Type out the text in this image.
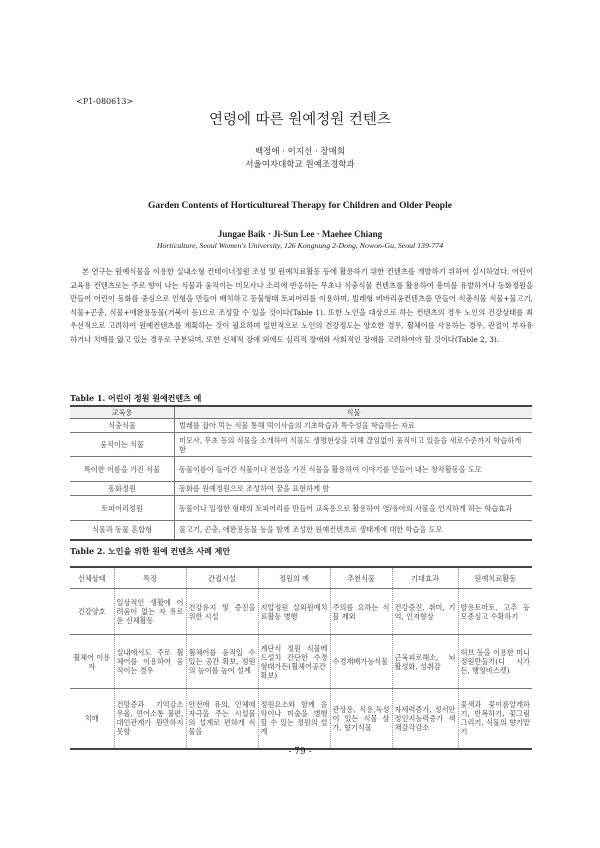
<P1-080613>
연령에 따른 원예정원 컨텐츠
백정애 · 이지선 · 장매희
서울여자대학교 원예조경학과
Garden Contents of Horticultureal Therapy for Children and Older People
Jungae Baik · Ji-Sun Lee · Maehee Chiang
Horticulture, Seoul Women's University, 126 Kongnung 2-Dong, Nowon-Gu, Seoul 139-774

본 연구는 원예식물을 이용한 실내소형 컨테이너정원 조성 및 원예치료활동 등에 활용하기 위한 컨텐츠를 개발하기 위하여 실시하였다. 어린이 교육용 컨텐츠로는 주로 향이 나는 식물과 움직이는 미모사나 소리에 반응하는 무초나 식충식물 컨텐츠를 활용하여 흥미를 유발하거나 동화정원을 만들어 어린이 동화를 중심으로 인형을 만들어 배치하고 동물형태 토피어리를 이용하며, 빌레형 비바리움컨텐츠를 만들어 식충식물 식물+물고기, 식물+곤충, 식물+애완용동물(거북이 등)으로 조성할 수 있을 것이다(Table 1). 또한 노인을 대상으로 하는 컨텐츠의 경우 노인의 건강상태를 최우선적으로 고려하여 원예컨텐츠를 계획하는 것이 필요하며 일반적으로 노인의 건강정도는 양호한 경우, 휠체어를 사용하는 경우, 관절이 부자유 하거나 치매를 앓고 있는 경우로 구분되며, 또한 신체적 장애 외에도 심리적 장애와 사회적인 장애를 고려하여야 할 것이다(Table 2, 3).

Table 1. 어린이 정원 원예컨텐츠 예
교육용	식물
식충식물	벌레를 잡아 먹는 식물 통해 먹이사슬의 기초학습과 특수성을 학습하는 자료
움직이는 식물	미모사, 무초 등의 식물을 소개하여 식물도 생명현상을 위해 끊임없이 움직이고 있음을 새로수준까지 학습하게 함
특이한 이름을 가진 식물	동물이름이 들어간 식물이나 전설을 가진 식물을 활용하여 이야기를 만들어 내는 창작활동을 도모
동화정원	동화를 원예정원으로 조성하여 꿈을 표현하게 함
토피어리정원	동물이나 일정한 형태의 토피어리를 만들어 교육용으로 활용하여 영/유아의 사물을 인지하게 하는 학습효과
식물과 동물 혼합형	물고기, 곤충, 애완용동물 등을 함께 조성한 원예컨텐츠로 생태계에 대한 학습을 도모
Table 2. 노인을 위한 원예 컨텐츠 사례 제안
신체상태	특징	간접시설	정원의 예	추천식물	기대효과	원예치료활동
건강양호	일상적인 생활에 어려움이 없는 자 유로운 신체활동	건강유지 및 증진을 위한 시설	지압정원 실외원예치료활동 병행	주의를 요하는 식물 제외	건강증진, 취미, 기억, 인지향상	발용토마토, 고추 등 모종심고 수확하기
휠체어 이용자	실내에서도 주로 휠체어를 이용하여 움직이는 경우	휠체어를 움직일 수 있는 공간 확보, 정원의 높이를 높여 설계	계단식 정원 식물베드설치 간단한 수경 형태가든(휠체어공간확보)	수경재배가능식물	근육피로해소, 뇌 활성화, 성취감	허브 등을 이용한 미니정원만들기(디 시가든, 행잉바스켓)
치매	건망증과 기억감소 우울, 언어소통 불편, 대인관계가 원만하지 못함	안전에 유의, 인체에 자극을 주는 시설물의 설계로 편하게 식물을	정원요소와 함께 음악이나 미술을 병행할 수 있는 정원의 설계	관상용, 식용,독성이 있는 식물 삼가, 향기식물	자세력증가, 정서안정인지능력증가 색채감각감소	꽃색과 꽃이름알게하기, 반복하기, 꽃그림그리기, 식물의 향기맡기
- 79 -
